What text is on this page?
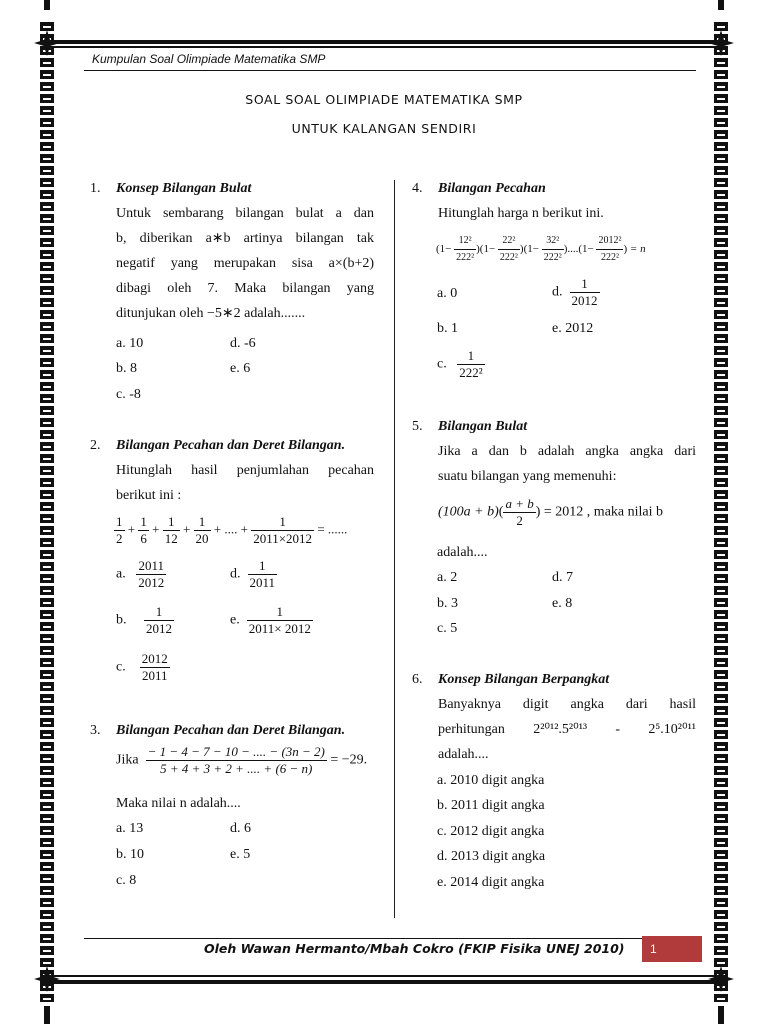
Kumpulan Soal Olimpiade Matematika SMP
SOAL SOAL OLIMPIADE MATEMATIKA SMP
UNTUK KALANGAN SENDIRI
1. Konsep Bilangan Bulat
Untuk sembarang bilangan bulat a dan
b, diberikan a∗b artinya bilangan tak
negatif yang merupakan sisa a×(b+2)
dibagi oleh 7. Maka bilangan yang
ditunjukan oleh −5∗2 adalah.......
a. 10	d. -6
b. 8	e. 6
c. -8
2. Bilangan Pecahan dan Deret Bilangan.
Hitunglah hasil penjumlahan pecahan
berikut ini :
$\frac{1}{2} + \frac{1}{6} + \frac{1}{12} + \frac{1}{20}$ + .... + $\frac{1}{2011\times 2012}$ = ......
a. $\frac{2011}{2012}$	d. $\frac{1}{2011}$
b. $\frac{1}{2012}$	e. $\frac{1}{2011\times 2012}$
c. $\frac{2012}{2011}$
3. Bilangan Pecahan dan Deret Bilangan.
Jika $\frac{- 1 - 4 - 7 - 10 - .... - (3n - 2)}{5 + 4 + 3 + 2 + .... + (6 - n)} = -29$.
Maka nilai n adalah....
a. 13	d. 6
b. 10	e. 5
c. 8
4. Bilangan Pecahan
Hitunglah harga n berikut ini.
$(1- \frac{\text{12²}}{\text{222²}} )(1- \frac{\text{22²}}{\text{222²}} )(1- \frac{\text{32²}}{\text{222²}} )....(1- \frac{\text{2012²}}{\text{222²}}$ ) = n
a. 0	d. $\frac{1}{2012}$
b. 1	e. 2012
c. $\frac{1}{\text{222²}}$
5. Bilangan Bulat
Jika a dan b adalah angka angka dari
suatu bilangan yang memenuhi:
$(100a + b)( \frac{a + b}{2}$ ) = 2012 , maka nilai b
adalah....
a. 2	d. 7
b. 3	e. 8
c. 5
6. Konsep Bilangan Berpangkat
Banyaknya digit angka dari hasil
perhitungan 2²⁰¹².5²⁰¹³ - 2⁵.10²⁰¹¹
adalah....
a. 2010 digit angka
b. 2011 digit angka
c. 2012 digit angka
d. 2013 digit angka
e. 2014 digit angka
Oleh Wawan Hermanto/Mbah Cokro (FKIP Fisika UNEJ 2010)	1
